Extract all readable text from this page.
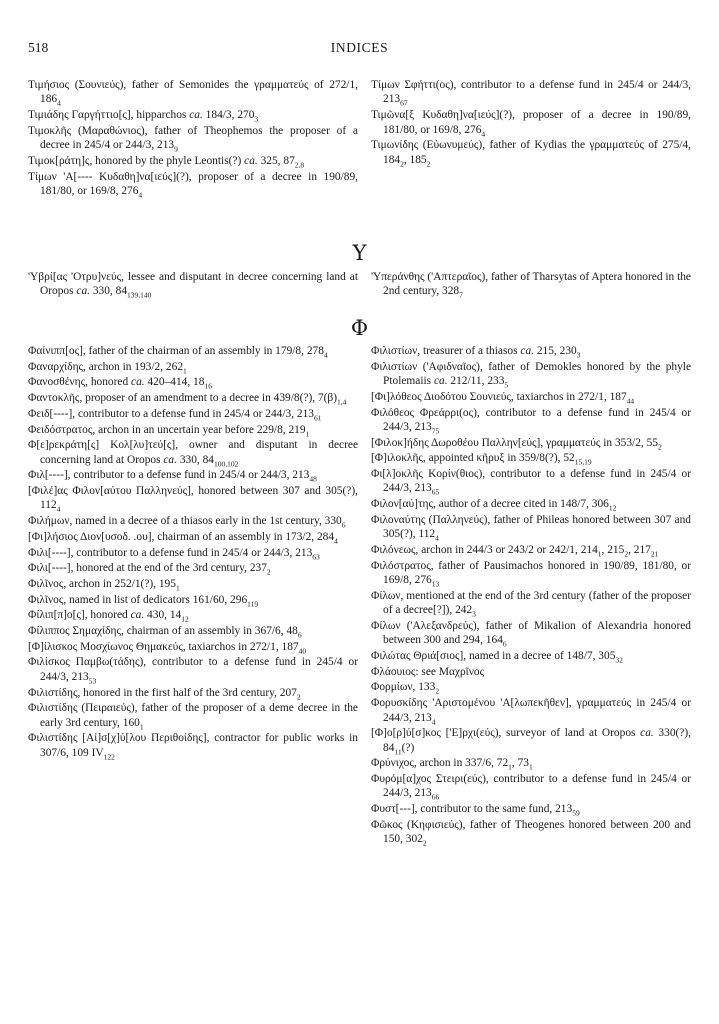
518	INDICES

Τιμήσιος (Σουνιεύς), father of Semonides the γραμματεύς of 272/1, $186_4$

Τιμιάδης Γαργήττιο[ς], hipparchos ca. 184/3, $270_3$

Τιμοκλῆς (Μαραθώνιος), father of Theophemos the proposer of a decree in 245/4 or 244/3, $213_9$

Τιμοκ[ράτη]ς, honored by the phyle Leontis(?) ca. 325, $87_{2,8}$

Τίμων 'Α[---- Κυδαθη]να[ιεύς](?), proposer of a decree in 190/89, 181/80, or 169/8, $276_4$

Τίμων Σφήττι(ος), contributor to a defense fund in 245/4 or 244/3, $213_{67}$

Τιμῶνα[ξ Κυδαθη]να[ιεύς](?), proposer of a decree in 190/89, 181/80, or 169/8, $276_4$

Τιμωνίδης (Εὐωνυμεύς), father of Kydias the γραμματεύς of 275/4, $184_2$, $185_2$

Υ

'Υβρί[ας 'Οτρυ]νεύς, lessee and disputant in decree concerning land at Oropos ca. 330, $84_{139,140}$

'Υπεράνθης ('Απτεραῖος), father of Tharsytas of Aptera honored in the 2nd century, $328_7$

Φ

Φαίνιππ[ος], father of the chairman of an assembly in 179/8, $278_4$

Φαναρχίδης, archon in 193/2, $262_1$

Φανοσθένης, honored ca. 420–414, $18_{16}$

Φαντοκλῆς, proposer of an amendment to a decree in 439/8(?), $7(\beta)_{1,4}$

Φειδ[----], contributor to a defense fund in 245/4 or 244/3, $213_{61}$

Φειδόστρατος, archon in an uncertain year before 229/8, $219_1$

Φ[ε]ρεκράτη[ς] Κολ[λυ]τεύ[ς], owner and disputant in decree concerning land at Oropos ca. 330, $84_{100,102}$

Φιλ[----], contributor to a defense fund in 245/4 or 244/3, $213_{48}$

[Φιλέ]ας Φιλον[αύτου Παλληνεύς], honored between 307 and 305(?), $112_4$

Φιλήμων, named in a decree of a thiasos early in the 1st century, $330_6$

[Φι]λήσιος Διον[υσοδ. .ου], chairman of an assembly in 173/2, $284_4$

Φιλι[----], contributor to a defense fund in 245/4 or 244/3, $213_{63}$

Φιλι[----], honored at the end of the 3rd century, $237_2$

Φιλῖνος, archon in 252/1(?), $195_1$

Φιλῖνος, named in list of dedicators 161/60, $296_{119}$

Φίλιπ[π]ο[ς], honored ca. 430, $14_{12}$

Φίλιππος Σημαχίδης, chairman of an assembly in 367/6, $48_6$

[Φ]ίλισκος Μοσχίωνος Θημακεύς, taxiarchos in 272/1, $187_{40}$

Φιλίσκος Παμβω(τάδης), contributor to a defense fund in 245/4 or 244/3, $213_{53}$

Φιλιστίδης, honored in the first half of the 3rd century, $207_2$

Φιλιστίδης (Πειραιεύς), father of the proposer of a deme decree in the early 3rd century, $160_1$

Φιλιστίδης [Αἰ]σ[χ]ύ[λου Περιθοίδης], contractor for public works in 307/6, 109 $IV_{122}$

Φιλιστίων, treasurer of a thiasos ca. 215, $230_3$

Φιλιστίων ('Αφιδναῖος), father of Demokles honored by the phyle Ptolemaiis ca. 212/11, $233_5$

[Φι]λόθεος Διοδότου Σουνιεύς, taxiarchos in 272/1, $187_{44}$

Φιλόθεος Φρεάρρι(ος), contributor to a defense fund in 245/4 or 244/3, $213_{75}$

[Φιλοκ]ήδης Δωροθέου Παλλην[εύς], γραμματεύς in 353/2, $55_2$

[Φ]ιλοκλῆς, appointed κῆρυξ in 359/8(?), $52_{15,19}$

Φι[λ]οκλῆς Κορίν(θιος), contributor to a defense fund in 245/4 or 244/3, $213_{65}$

Φιλον[αύ]της, author of a decree cited in 148/7, $306_{12}$

Φιλοναύτης (Παλληνεύς), father of Phileas honored between 307 and 305(?), $112_4$

Φιλόνεως, archon in 244/3 or 243/2 or 242/1, $214_1$, $215_2$, $217_{21}$

Φιλόστρατος, father of Pausimachos honored in 190/89, 181/80, or 169/8, $276_{13}$

Φίλων, mentioned at the end of the 3rd century (father of the proposer of a decree[?]), $242_3$

Φίλων ('Αλεξανδρεύς), father of Mikalion of Alexandria honored between 300 and 294, $164_6$

Φιλώτας Θριά[σιος], named in a decree of 148/7, $305_{32}$

Φλάουιος: see Μαχρῖνος

Φορμίων, $133_2$

Φορυσκίδης 'Αριστομένου 'Α[λωπεκῆθεν], γραμματεύς in 245/4 or 244/3, $213_4$

[Φ]ο[ρ]ύ[σ]κος ['Ε]ρχι(εύς), surveyor of land at Oropos ca. 330(?), $84_{11}(?)$

Φρύνιχος, archon in 337/6, $72_1$, $73_1$

Φυρόμ[α]χος Στειρι(εύς), contributor to a defense fund in 245/4 or 244/3, $213_{66}$

Φυστ[---], contributor to the same fund, $213_{59}$

Φῶκος (Κηφισιεύς), father of Theogenes honored between 200 and 150, $302_2$
